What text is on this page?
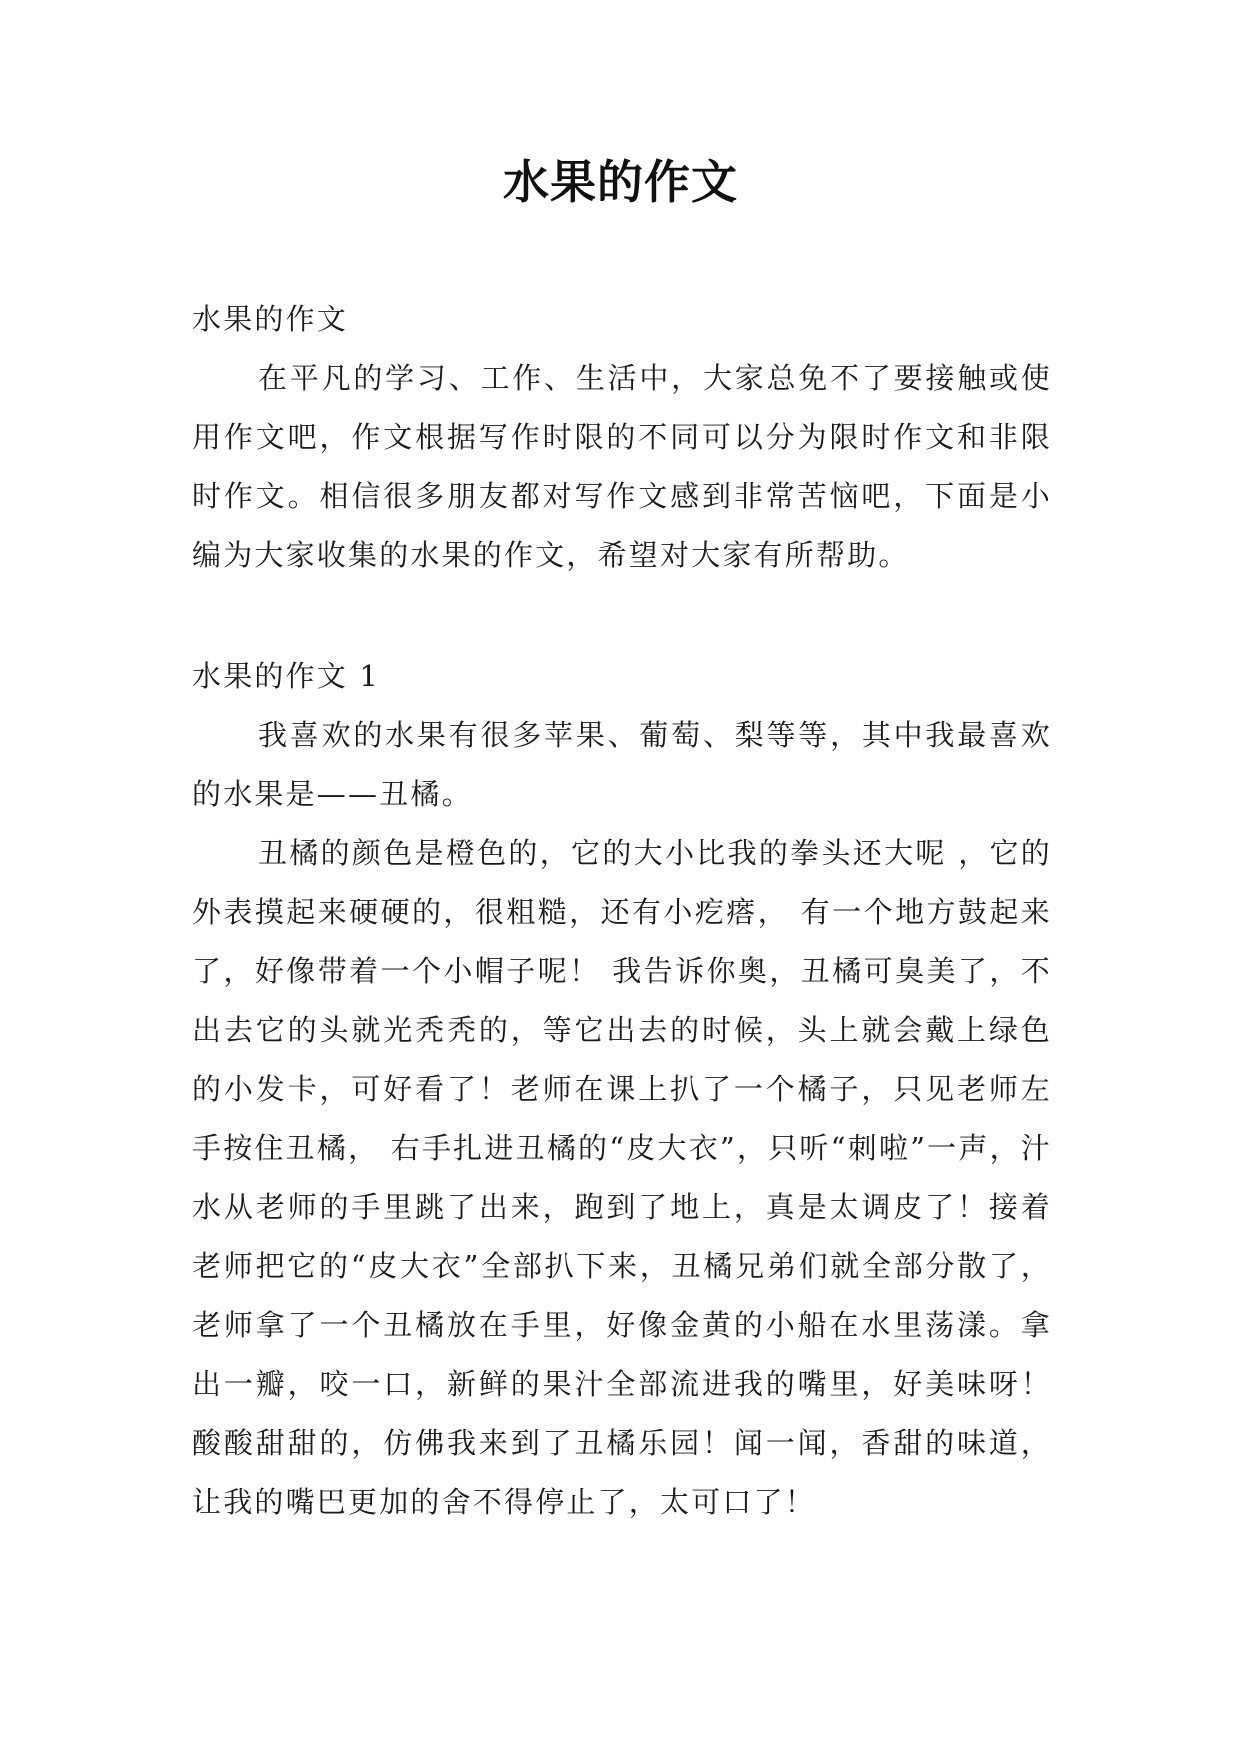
水果的作文

水果的作文

在平凡的学习、工作、生活中，大家总免不了要接触或使用作文吧，作文根据写作时限的不同可以分为限时作文和非限时作文。相信很多朋友都对写作文感到非常苦恼吧，下面是小编为大家收集的水果的作文，希望对大家有所帮助。

水果的作文 1

我喜欢的水果有很多苹果、葡萄、梨等等，其中我最喜欢的水果是——丑橘。

丑橘的颜色是橙色的，它的大小比我的拳头还大呢 ，它的外表摸起来硬硬的，很粗糙，还有小疙瘩， 有一个地方鼓起来了，好像带着一个小帽子呢！ 我告诉你奥，丑橘可臭美了，不出去它的头就光秃秃的，等它出去的时候，头上就会戴上绿色的小发卡，可好看了！老师在课上扒了一个橘子，只见老师左手按住丑橘， 右手扎进丑橘的“皮大衣”，只听“刺啦”一声，汁水从老师的手里跳了出来，跑到了地上，真是太调皮了！接着老师把它的“皮大衣”全部扒下来，丑橘兄弟们就全部分散了，老师拿了一个丑橘放在手里，好像金黄的小船在水里荡漾。拿出一瓣，咬一口，新鲜的果汁全部流进我的嘴里，好美味呀！酸酸甜甜的，仿佛我来到了丑橘乐园！闻一闻，香甜的味道，让我的嘴巴更加的舍不得停止了，太可口了！
